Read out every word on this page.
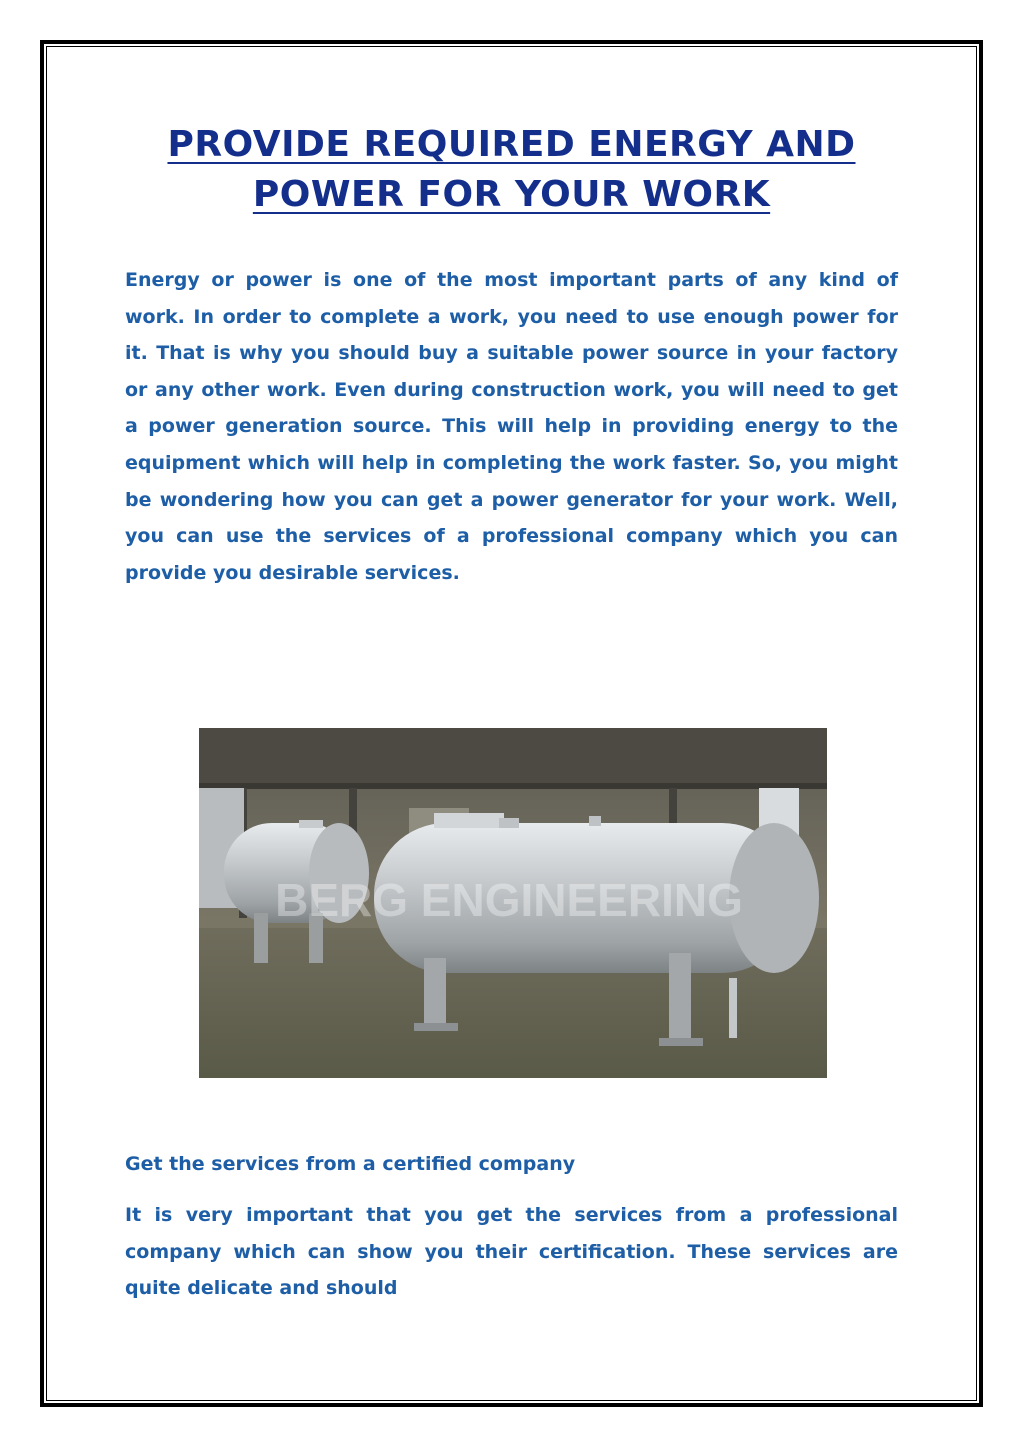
PROVIDE REQUIRED ENERGY AND
POWER FOR YOUR WORK

Energy or power is one of the most important parts of any kind of work. In order to complete a work, you need to use enough power for it. That is why you should buy a suitable power source in your factory or any other work. Even during construction work, you will need to get a power generation source. This will help in providing energy to the equipment which will help in completing the work faster. So, you might be wondering how you can get a power generator for your work. Well, you can use the services of a professional company which you can provide you desirable services.

BERG ENGINEERING
Get the services from a certified company

It is very important that you get the services from a professional company which can show you their certification. These services are quite delicate and should
